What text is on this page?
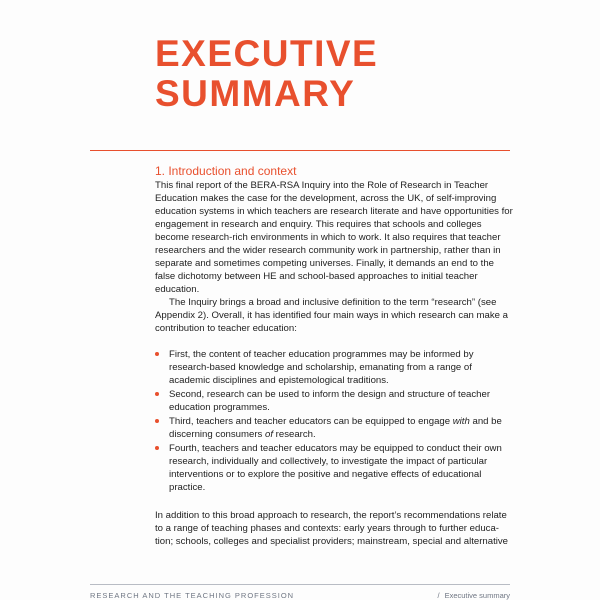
EXECUTIVE
SUMMARY
1. Introduction and context

This final report of the BERA-RSA Inquiry into the Role of Research in Teacher Education makes the case for the development, across the UK, of self-improving education systems in which teachers are research literate and have opportunities for engagement in research and enquiry. This requires that schools and colleges become research-rich environments in which to work. It also requires that teacher researchers and the wider research community work in partnership, rather than in separate and sometimes competing universes. Finally, it demands an end to the false dichotomy between HE and school-based approaches to initial teacher education.

The Inquiry brings a broad and inclusive definition to the term “research” (see Appendix 2). Overall, it has identified four main ways in which research can make a contribution to teacher education:

First, the content of teacher education programmes may be informed by research-based knowledge and scholarship, emanating from a range of academic disciplines and epistemological traditions.
Second, research can be used to inform the design and structure of teacher education programmes.
Third, teachers and teacher educators can be equipped to engage with and be discerning consumers of research.
Fourth, teachers and teacher educators may be equipped to conduct their own research, individually and collectively, to investigate the impact of particular interventions or to explore the positive and negative effects of educational practice.

In addition to this broad approach to research, the report’s recommendations relate to a range of teaching phases and contexts: early years through to further educa- tion; schools, colleges and specialist providers; mainstream, special and alternative

RESEARCH AND THE TEACHING PROFESSION	/ Executive summary
